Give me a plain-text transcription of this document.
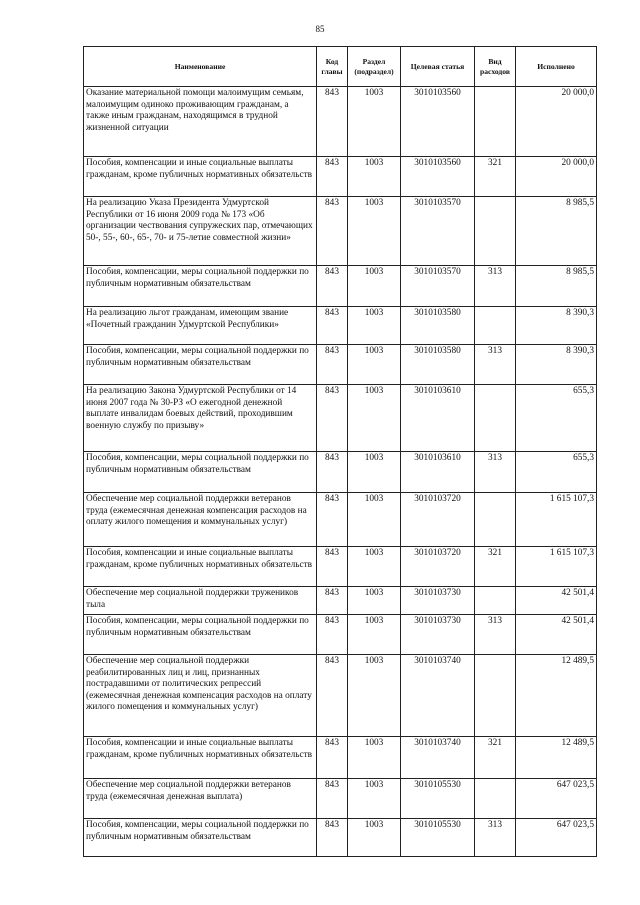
85
Наименование	Код главы	Раздел (подраздел)	Целевая статья	Вид расходов	Исполнено
Оказание материальной помощи малоимущим семьям, малоимущим одиноко проживающим гражданам, а также иным гражданам, находящимся в трудной жизненной ситуации	843	1003	3010103560		20 000,0
Пособия, компенсации и иные социальные выплаты гражданам, кроме публичных нормативных обязательств	843	1003	3010103560	321	20 000,0
На реализацию Указа Президента Удмуртской Республики от 16 июня 2009 года № 173 «Об организации чествования супружеских пар, отмечающих 50-, 55-, 60-, 65-, 70- и 75-летие совместной жизни»	843	1003	3010103570		8 985,5
Пособия, компенсации, меры социальной поддержки по публичным нормативным обязательствам	843	1003	3010103570	313	8 985,5
На реализацию льгот гражданам, имеющим звание «Почетный гражданин Удмуртской Республики»	843	1003	3010103580		8 390,3
Пособия, компенсации, меры социальной поддержки по публичным нормативным обязательствам	843	1003	3010103580	313	8 390,3
На реализацию Закона Удмуртской Республики от 14 июня 2007 года № 30-РЗ «О ежегодной денежной выплате инвалидам боевых действий, проходившим военную службу по призыву»	843	1003	3010103610		655,3
Пособия, компенсации, меры социальной поддержки по публичным нормативным обязательствам	843	1003	3010103610	313	655,3
Обеспечение мер социальной поддержки ветеранов труда (ежемесячная денежная компенсация расходов на оплату жилого помещения и коммунальных услуг)	843	1003	3010103720		1 615 107,3
Пособия, компенсации и иные социальные выплаты гражданам, кроме публичных нормативных обязательств	843	1003	3010103720	321	1 615 107,3
Обеспечение мер социальной поддержки тружеников тыла	843	1003	3010103730		42 501,4
Пособия, компенсации, меры социальной поддержки по публичным нормативным обязательствам	843	1003	3010103730	313	42 501,4
Обеспечение мер социальной поддержки реабилитированных лиц и лиц, признанных пострадавшими от политических репрессий (ежемесячная денежная компенсация расходов на оплату жилого помещения и коммунальных услуг)	843	1003	3010103740		12 489,5
Пособия, компенсации и иные социальные выплаты гражданам, кроме публичных нормативных обязательств	843	1003	3010103740	321	12 489,5
Обеспечение мер социальной поддержки ветеранов труда (ежемесячная денежная выплата)	843	1003	3010105530		647 023,5
Пособия, компенсации, меры социальной поддержки по публичным нормативным обязательствам	843	1003	3010105530	313	647 023,5
